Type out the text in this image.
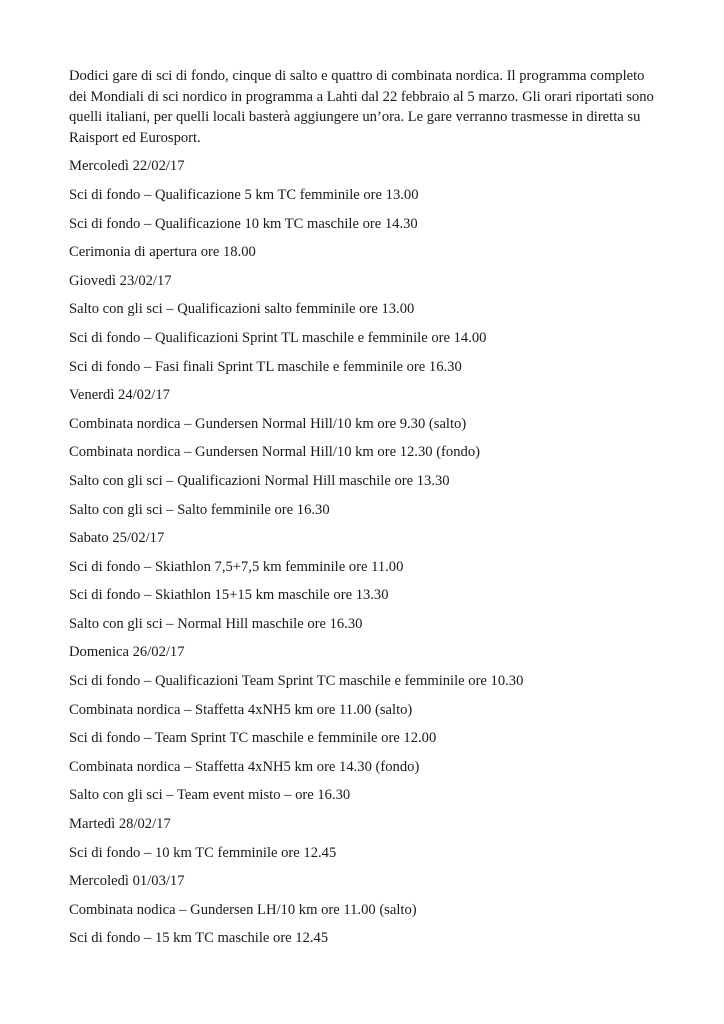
Dodici gare di sci di fondo, cinque di salto e quattro di combinata nordica. Il programma completo dei Mondiali di sci nordico in programma a Lahti dal 22 febbraio al 5 marzo. Gli orari riportati sono quelli italiani, per quelli locali basterà aggiungere un’ora. Le gare verranno trasmesse in diretta su Raisport ed Eurosport.

Mercoledì 22/02/17
Sci di fondo – Qualificazione 5 km TC femminile ore 13.00
Sci di fondo – Qualificazione 10 km TC maschile ore 14.30
Cerimonia di apertura ore 18.00
Giovedì 23/02/17
Salto con gli sci – Qualificazioni salto femminile ore 13.00
Sci di fondo – Qualificazioni Sprint TL maschile e femminile ore 14.00
Sci di fondo – Fasi finali Sprint TL maschile e femminile ore 16.30
Venerdì 24/02/17
Combinata nordica – Gundersen Normal Hill/10 km ore 9.30 (salto)
Combinata nordica – Gundersen Normal Hill/10 km ore 12.30 (fondo)
Salto con gli sci – Qualificazioni Normal Hill maschile ore 13.30
Salto con gli sci – Salto femminile ore 16.30
Sabato 25/02/17
Sci di fondo – Skiathlon 7,5+7,5 km femminile ore 11.00
Sci di fondo – Skiathlon 15+15 km maschile ore 13.30
Salto con gli sci – Normal Hill maschile ore 16.30
Domenica 26/02/17
Sci di fondo – Qualificazioni Team Sprint TC maschile e femminile ore 10.30
Combinata nordica – Staffetta 4xNH5 km ore 11.00 (salto)
Sci di fondo – Team Sprint TC maschile e femminile ore 12.00
Combinata nordica – Staffetta 4xNH5 km ore 14.30 (fondo)
Salto con gli sci – Team event misto – ore 16.30
Martedì 28/02/17
Sci di fondo – 10 km TC femminile ore 12.45
Mercoledì 01/03/17
Combinata nodica – Gundersen LH/10 km ore 11.00 (salto)
Sci di fondo – 15 km TC maschile ore 12.45
